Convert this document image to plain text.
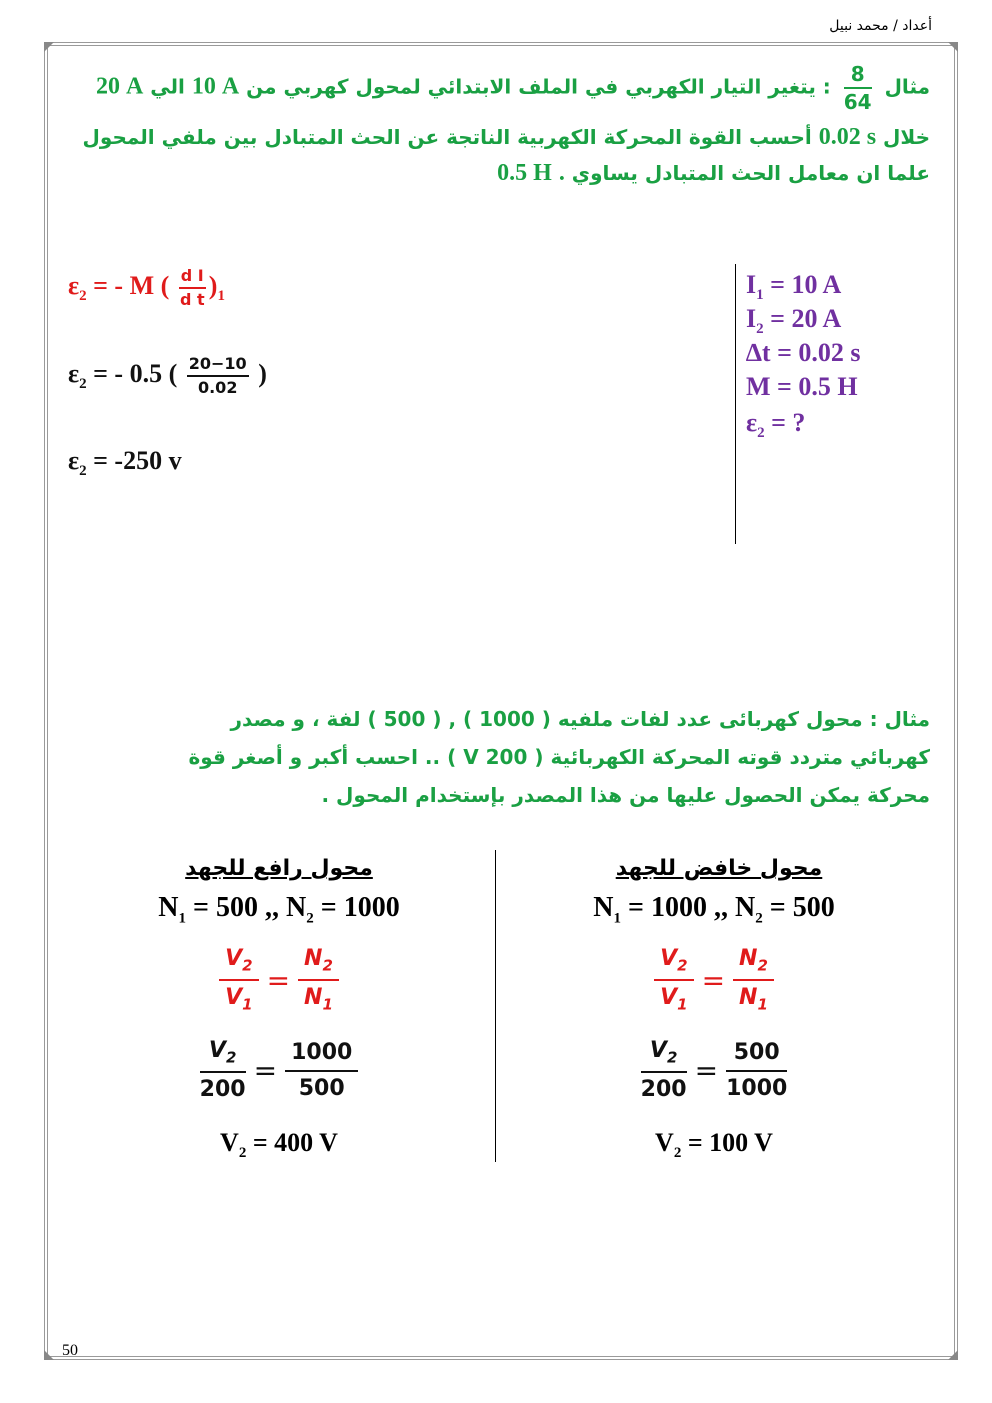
أعداد / محمد نبيل
50
مثال
$\frac{8}{64}$
: يتغير التيار الكهربي في الملف الابتدائي لمحول كهربي من 10 A الي 20 A
خلال 0.02 s أحسب القوة المحركة الكهربية الناتجة عن الحث المتبادل بين ملفي المحول
علما ان معامل الحث المتبادل يساوي 0.5 H .
$\varepsilon_2$ = - M ( $\frac{\text{d I}}{\text{d t}} )_1$
$\varepsilon_2$ = - 0.5 ( $\frac{20-10}{0.02}$ )
$\varepsilon_2 = -250$ v
$I_1 = 10$ A
$I_2 = 20$ A
∆t = 0.02 s
M = 0.5 H
$\varepsilon_2$ = ?
مثال : محول كهربائى عدد لفات ملفيه ( 1000 ) , ( 500 ) لفة ، و مصدر
كهربائي متردد قوته المحركة الكهربائية ( V 200 ) .. احسب أكبر و أصغر قوة
محركة يمكن الحصول عليها من هذا المصدر بإستخدام المحول .
محول رافع للجهد
$N_1 = 500$ ,, $N_2 = 1000$
$\frac{V_2}{V_1} = \frac{N_2}{N_1}$
$\frac{V_2}{200} = \frac{1000}{500}$
$V_2 = 400$ V
محول خافض للجهد
$N_1 = 1000$ ,, $N_2 = 500$
$\frac{V_2}{V_1} = \frac{N_2}{N_1}$
$\frac{V_2}{200} = \frac{500}{1000}$
$V_2 = 100$ V
